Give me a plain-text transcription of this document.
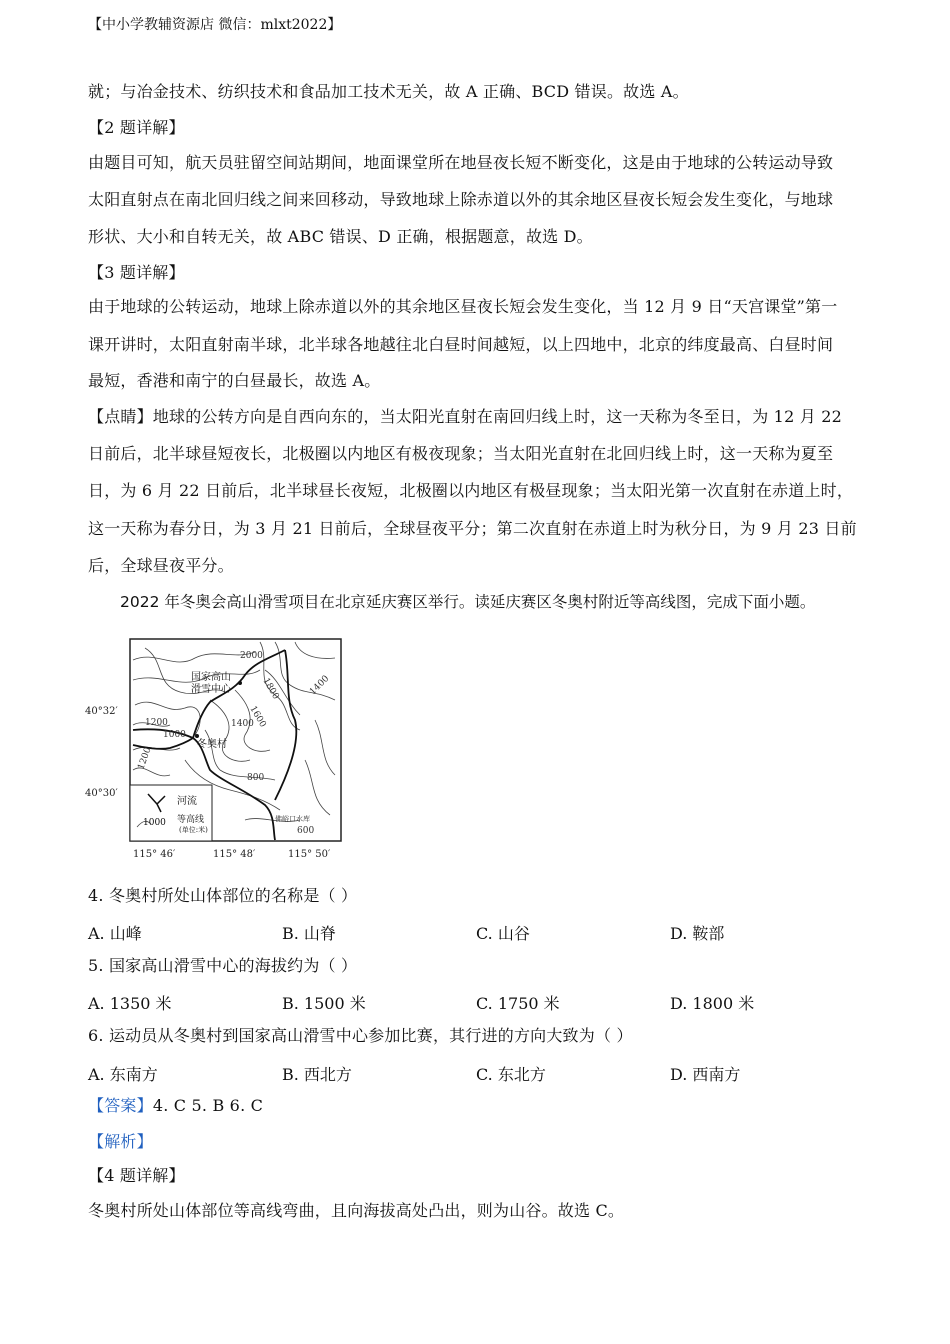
【中小学教辅资源店 微信：mlxt2022】
就；与冶金技术、纺织技术和食品加工技术无关，故 A 正确、BCD 错误。故选 A。
【2 题详解】
由题目可知，航天员驻留空间站期间，地面课堂所在地昼夜长短不断变化，这是由于地球的公转运动导致
太阳直射点在南北回归线之间来回移动，导致地球上除赤道以外的其余地区昼夜长短会发生变化，与地球
形状、大小和自转无关，故 ABC 错误、D 正确，根据题意，故选 D。
【3 题详解】
由于地球的公转运动，地球上除赤道以外的其余地区昼夜长短会发生变化，当 12 月 9 日“天宫课堂”第一
课开讲时，太阳直射南半球，北半球各地越往北白昼时间越短，以上四地中，北京的纬度最高、白昼时间
最短，香港和南宁的白昼最长，故选 A。
【点睛】地球的公转方向是自西向东的，当太阳光直射在南回归线上时，这一天称为冬至日，为 12 月 22
日前后，北半球昼短夜长，北极圈以内地区有极夜现象；当太阳光直射在北回归线上时，这一天称为夏至
日，为 6 月 22 日前后，北半球昼长夜短，北极圈以内地区有极昼现象；当太阳光第一次直射在赤道上时，
这一天称为春分日，为 3 月 21 日前后，全球昼夜平分；第二次直射在赤道上时为秋分日，为 9 月 23 日前
后，全球昼夜平分。
2022 年冬奥会高山滑雪项目在北京延庆赛区举行。读延庆赛区冬奥村附近等高线图，完成下面小题。
40°32′
40°30′
115° 46′	115° 48′	115° 50′
国家高山
滑雪中心
冬奥村
2000
1800
1600
1400
1400
1200
1000
1200
800
600
佛峪口水库
河流
等高线
(单位:米)
1000
4. 冬奥村所处山体部位的名称是（ ）
A. 山峰	B. 山脊	C. 山谷	D. 鞍部
5. 国家高山滑雪中心的海拔约为（ ）
A. 1350 米	B. 1500 米	C. 1750 米	D. 1800 米
6. 运动员从冬奥村到国家高山滑雪中心参加比赛，其行进的方向大致为（ ）
A. 东南方	B. 西北方	C. 东北方	D. 西南方
【答案】4. C 5. B 6. C
【解析】
【4 题详解】
冬奥村所处山体部位等高线弯曲，且向海拔高处凸出，则为山谷。故选 C。
